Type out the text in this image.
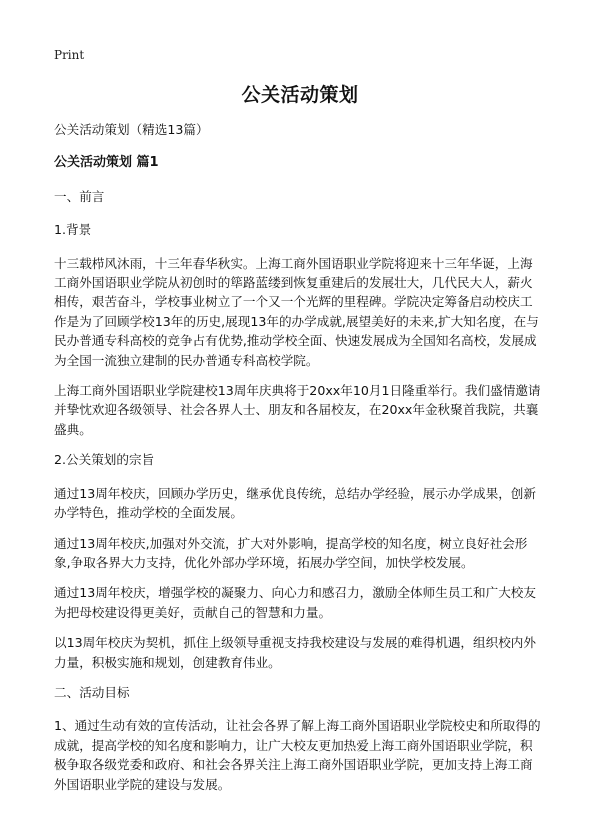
Print
公关活动策划

公关活动策划（精选13篇）

公关活动策划 篇1

一、前言

1.背景

十三载栉风沐雨，十三年春华秋实。上海工商外国语职业学院将迎来十三年华诞，上海工商外国语职业学院从初创时的筚路蓝缕到恢复重建后的发展壮大，几代民大人，薪火相传，艰苦奋斗，学校事业树立了一个又一个光辉的里程碑。学院决定筹备启动校庆工作是为了回顾学校13年的历史,展现13年的办学成就,展望美好的未来,扩大知名度，在与民办普通专科高校的竞争占有优势,推动学校全面、快速发展成为全国知名高校，发展成为全国一流独立建制的民办普通专科高校学院。

上海工商外国语职业学院建校13周年庆典将于20xx年10月1日隆重举行。我们盛情邀请并挚忱欢迎各级领导、社会各界人士、朋友和各届校友，在20xx年金秋聚首我院，共襄盛典。

2.公关策划的宗旨

通过13周年校庆，回顾办学历史，继承优良传统，总结办学经验，展示办学成果，创新办学特色，推动学校的全面发展。

通过13周年校庆,加强对外交流，扩大对外影响，提高学校的知名度，树立良好社会形象,争取各界大力支持，优化外部办学环境，拓展办学空间，加快学校发展。

通过13周年校庆，增强学校的凝聚力、向心力和感召力，激励全体师生员工和广大校友为把母校建设得更美好，贡献自己的智慧和力量。

以13周年校庆为契机，抓住上级领导重视支持我校建设与发展的难得机遇，组织校内外力量，积极实施和规划，创建教育伟业。

二、活动目标

1、通过生动有效的宣传活动，让社会各界了解上海工商外国语职业学院校史和所取得的成就，提高学校的知名度和影响力，让广大校友更加热爱上海工商外国语职业学院，积极争取各级党委和政府、和社会各界关注上海工商外国语职业学院，更加支持上海工商外国语职业学院的建设与发展。
